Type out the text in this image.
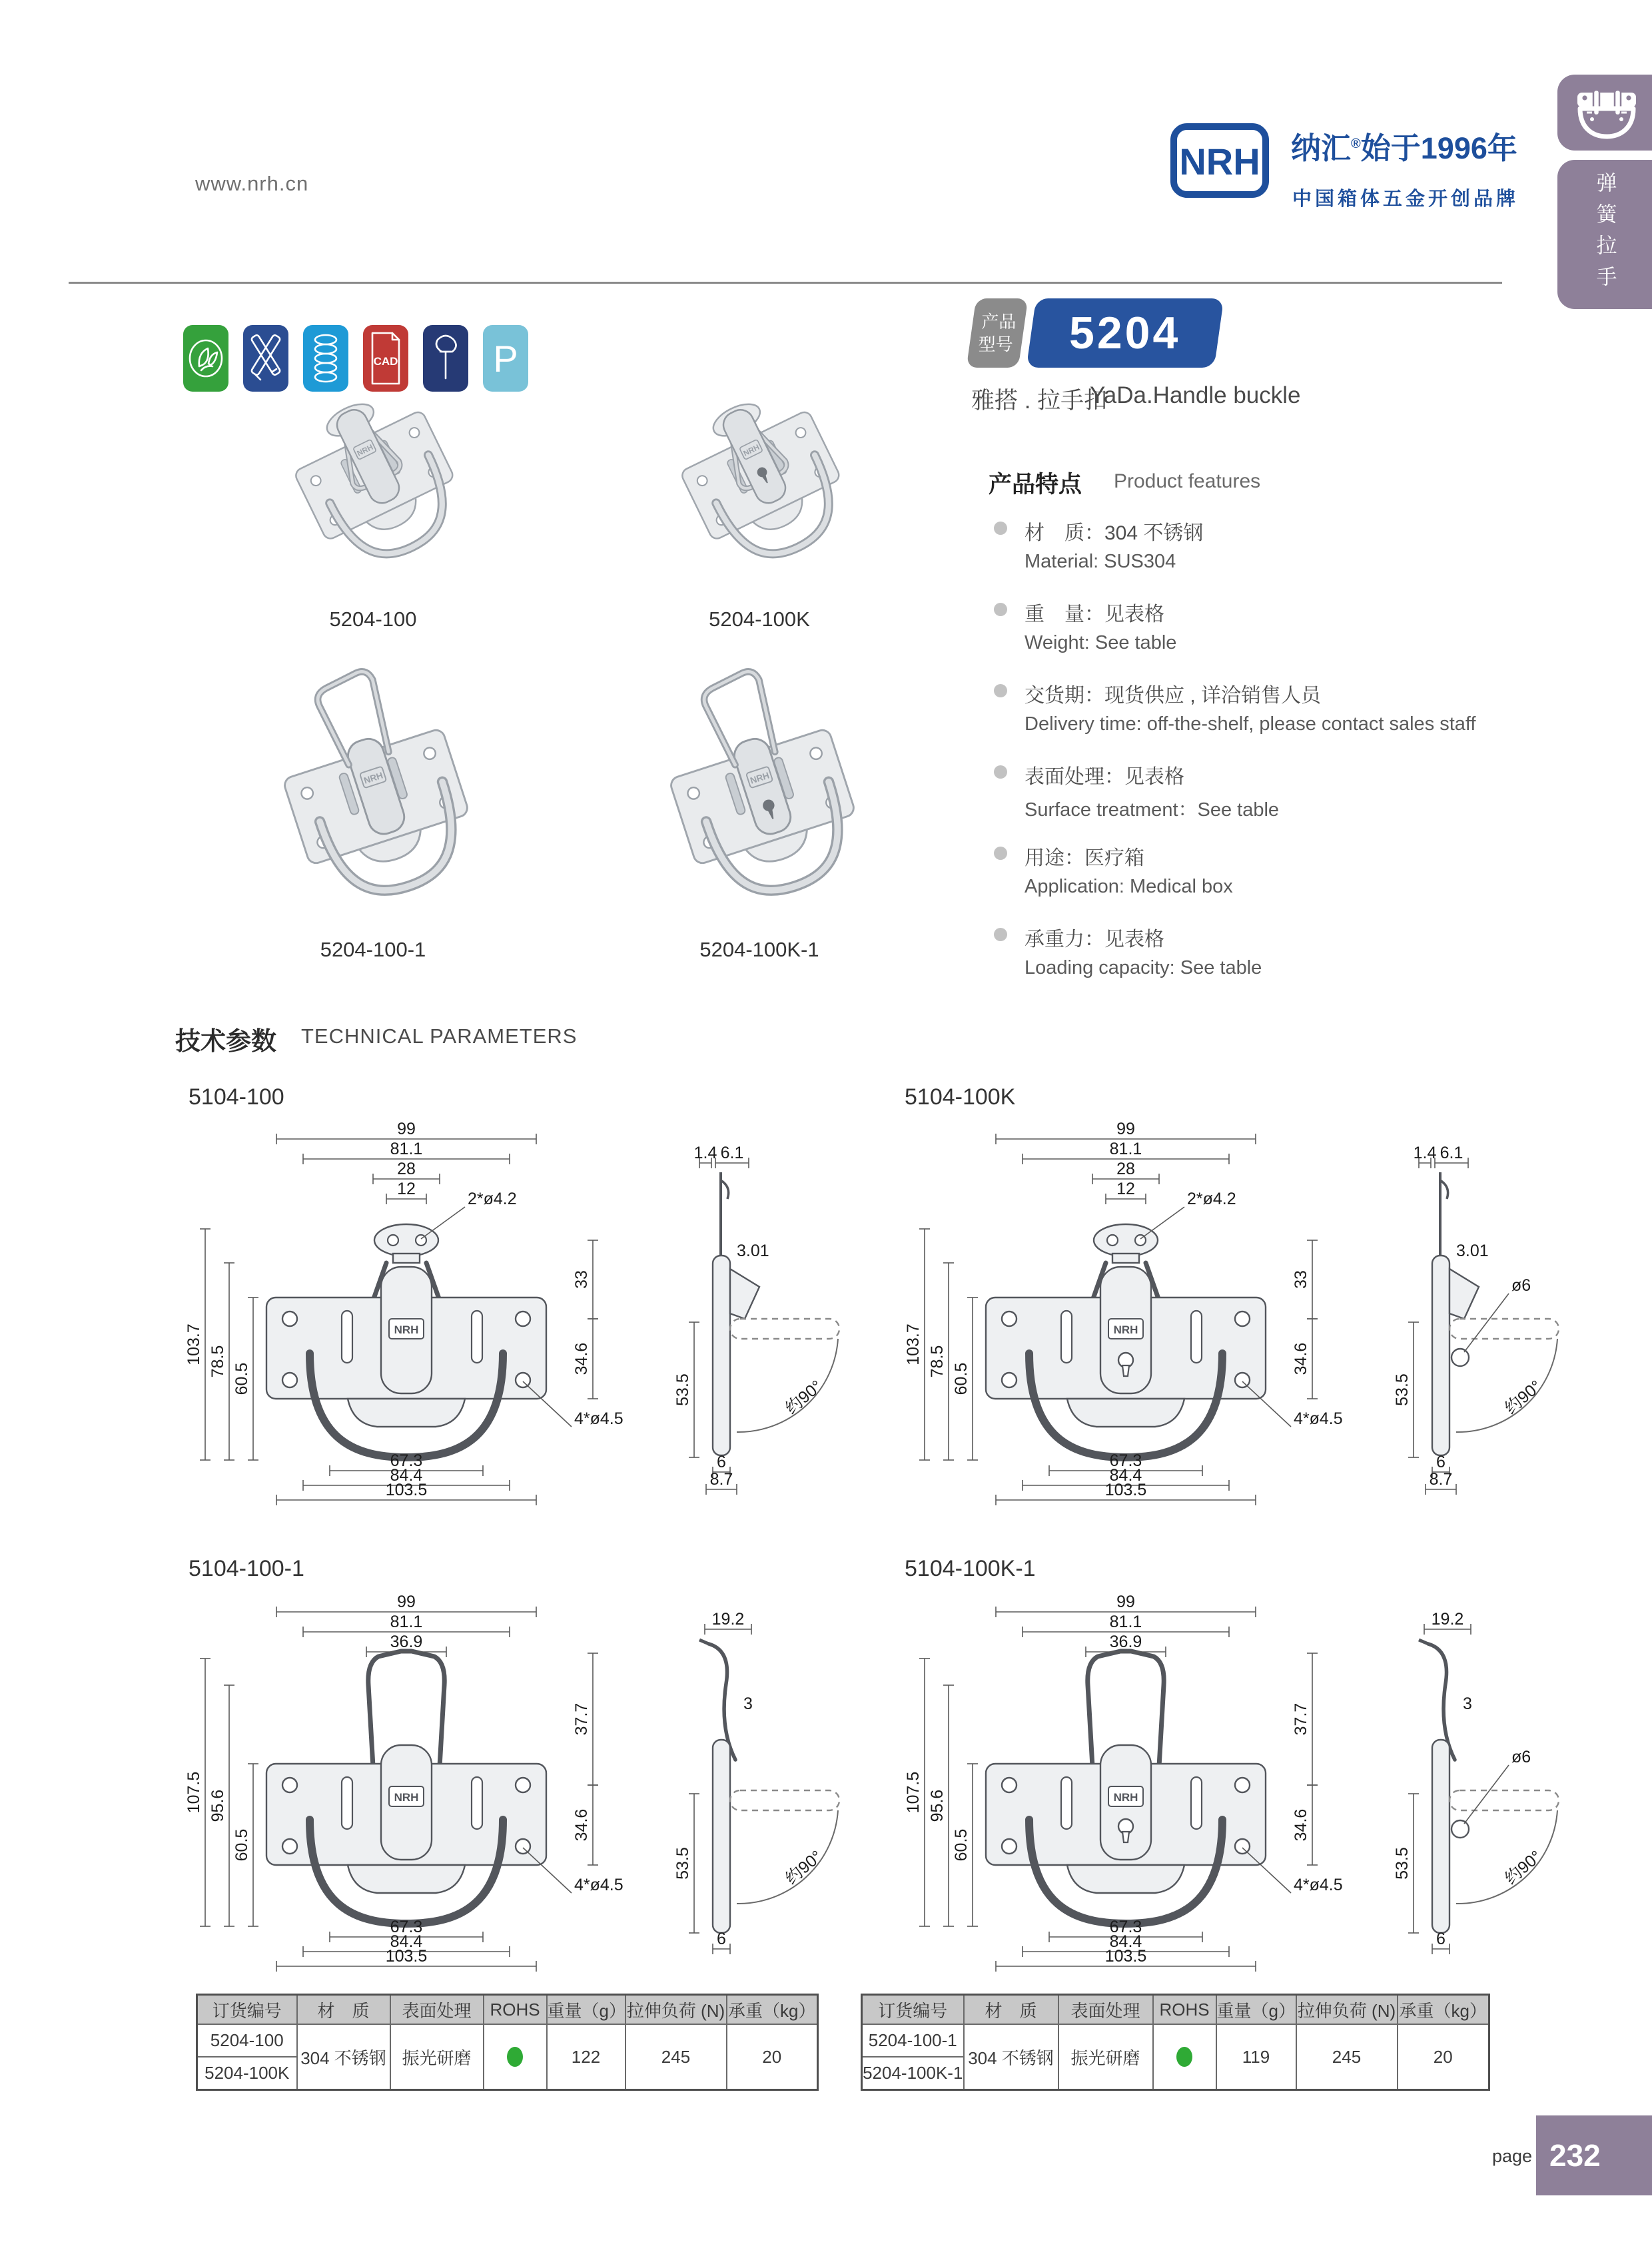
www.nrh.cn
NRH 纳汇®始于1996年
中国箱体五金开创品牌
CAD	P
弹簧拉手
NRH
5204-100
NRH
5204-100K
NRH
5204-100-1
NRH
5204-100K-1
产品
型号 5204
雅搭 . 拉手扣
YaDa.Handle buckle
产品特点 Product features
材　质：304 不锈钢
Material: SUS304
重　量：见表格
Weight: See table
交货期：现货供应 , 详洽销售人员
Delivery time: off-the-shelf, please contact sales staff
表面处理：见表格
Surface treatment：See table
用途：医疗箱
Application: Medical box
承重力：见表格
Loading capacity: See table
技术参数 TECHNICAL PARAMETERS
5104-100
NRH
99
81.1
28
12
2*ø4.2
103.7 78.5
60.5
33
34.6
67.3
84.4
103.5
4*ø4.5
1.4 6.1
3.01
约90°
53.5
6
8.7
5104-100K
NRH
99
81.1
28
12
2*ø4.2
103.7 78.5
60.5
33
34.6
67.3
84.4
103.5
4*ø4.5
1.4 6.1
3.01
约90°
ø6
53.5
6
8.7
5104-100-1
NRH
99
81.1
36.9
107.5 95.6
60.5
37.7
34.6
67.3
84.4
103.5
4*ø4.5
19.2
3
约90°
53.5
6
5104-100K-1
NRH
99
81.1
36.9
107.5 95.6
60.5
37.7
34.6
67.3
84.4
103.5
4*ø4.5
19.2
3
约90°
ø6
53.5
6
订货编号	材　质	表面处理	ROHS	重量（g）	拉伸负荷 (N)	承重（kg）
5204-100	304 不锈钢	振光研磨		122	245	20
5204-100K						
订货编号	材　质	表面处理	ROHS	重量（g）	拉伸负荷 (N)	承重（kg）
5204-100-1	304 不锈钢	振光研磨		119	245	20
5204-100K-1						
page 232
